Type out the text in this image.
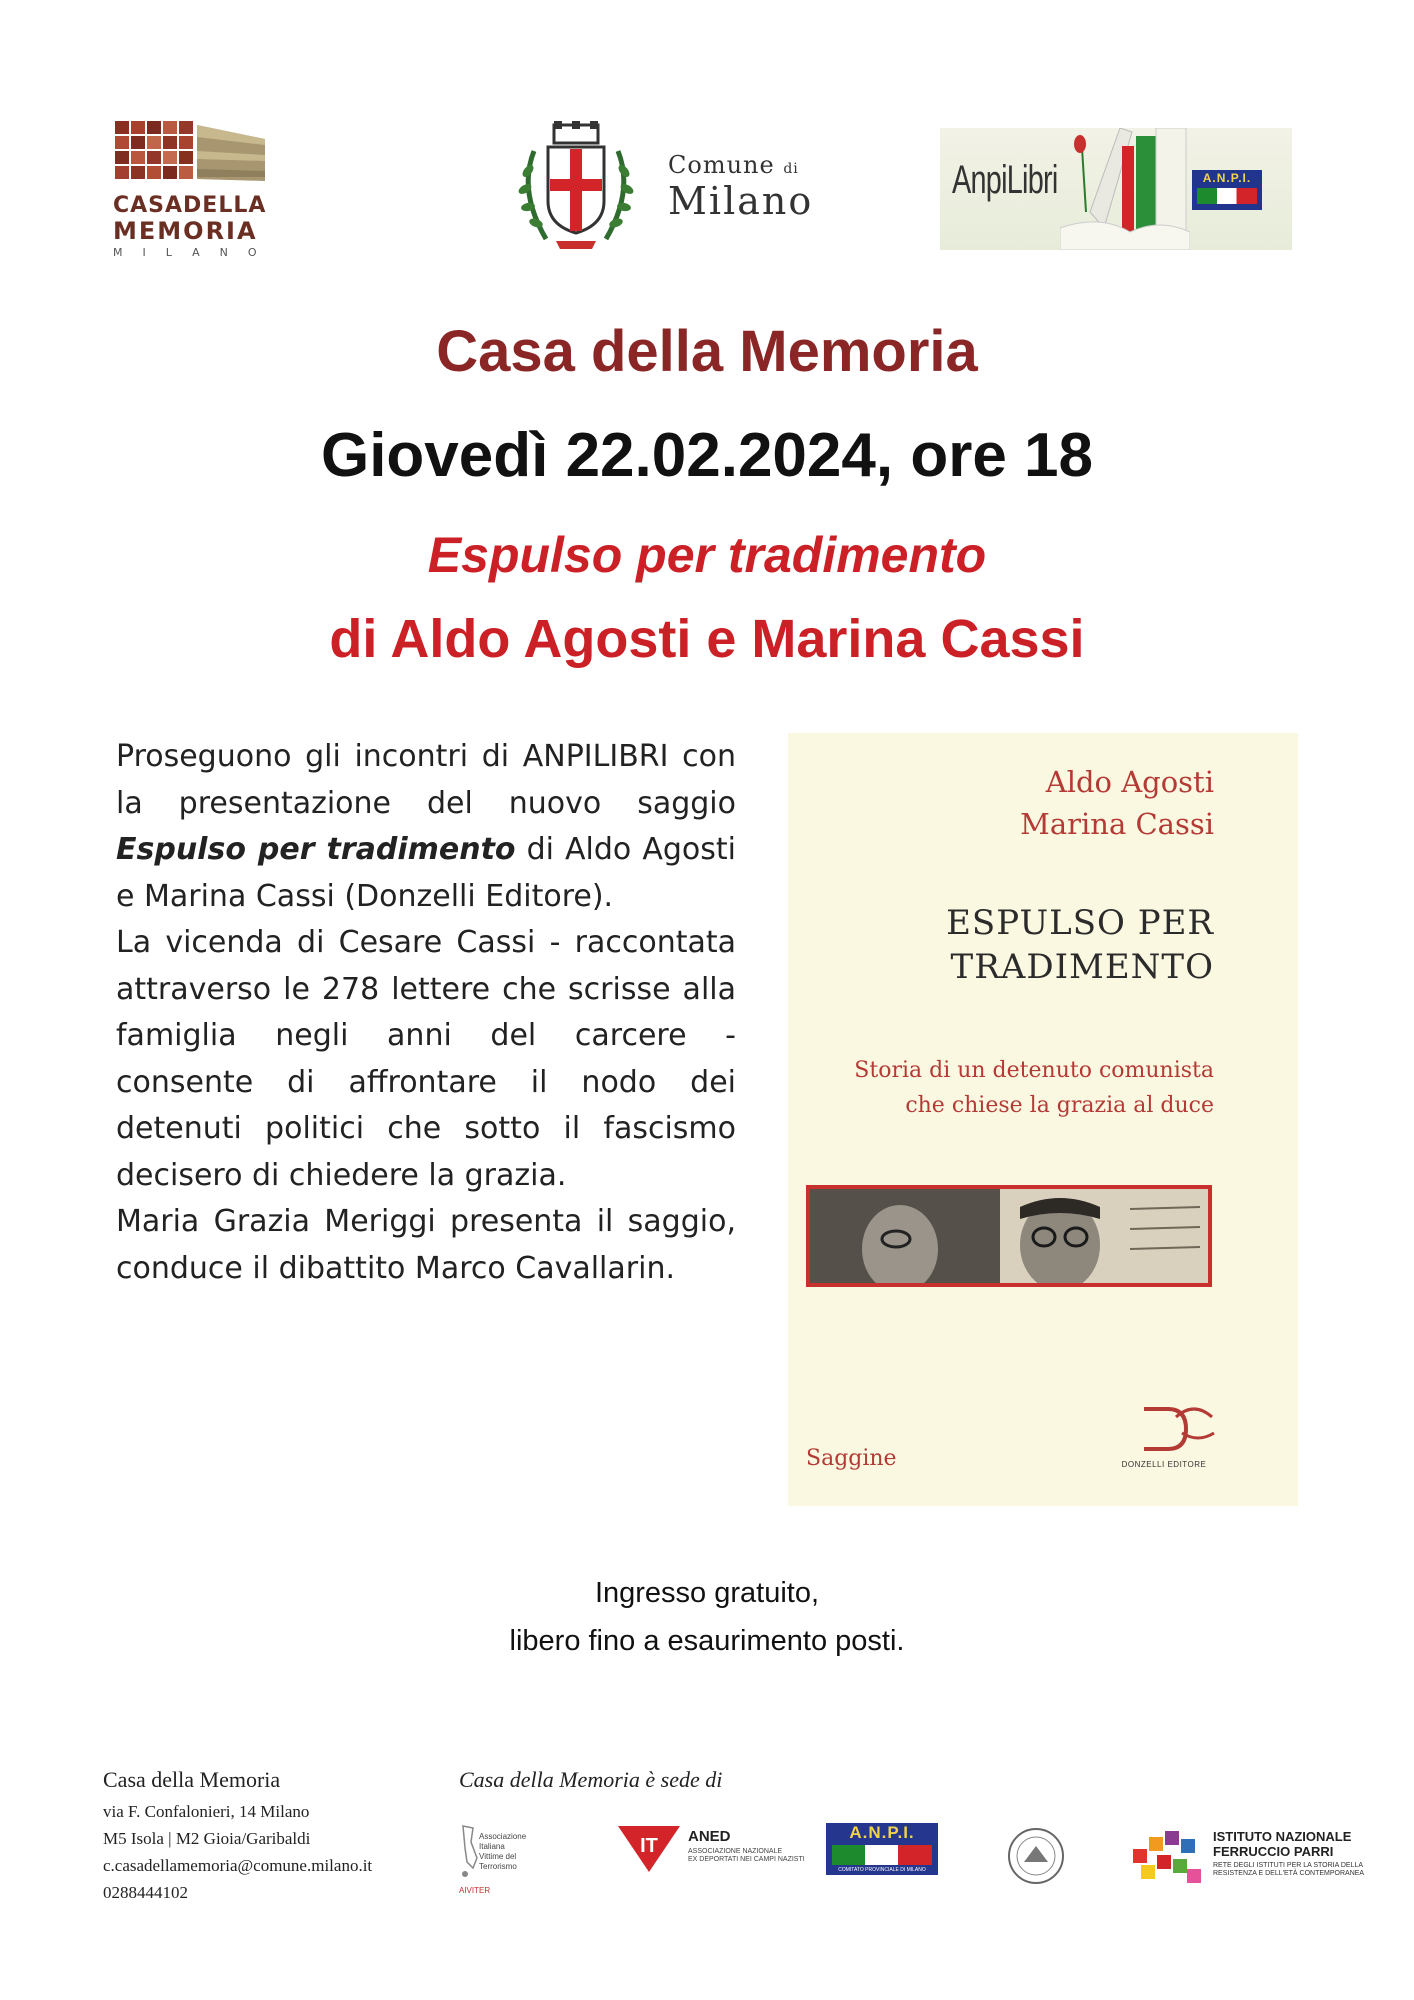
CASADELLA
MEMORIA
MILANO
Comune di
Milano	AnpiLibri	A.N.P.I.
Casa della Memoria
Giovedì 22.02.2024, ore 18
Espulso per tradimento
di Aldo Agosti e Marina Cassi

Proseguono gli incontri di ANPILIBRI con la presentazione del nuovo saggio Espulso per tradimento di Aldo Agosti e Marina Cassi (Donzelli Editore).

La vicenda di Cesare Cassi - raccontata attraverso le 278 lettere che scrisse alla famiglia negli anni del carcere - consente di affrontare il nodo dei detenuti politici che sotto il fascismo decisero di chiedere la grazia.

Maria Grazia Meriggi presenta il saggio, conduce il dibattito Marco Cavallarin.

Aldo Agosti
Marina Cassi
ESPULSO PER
TRADIMENTO
Storia di un detenuto comunista
che chiese la grazia al duce
DONZELLI EDITORE
Saggine
Ingresso gratuito,
libero fino a esaurimento posti.
Casa della Memoria
via F. Confalonieri, 14 Milano
M5 Isola | M2 Gioia/Garibaldi
c.casadellamemoria@comune.milano.it
0288444102
Casa della Memoria è sede di
Associazione
Italiana
Vittime del
Terrorismo
AIVITER
IT ANED
ASSOCIAZIONE NAZIONALE
EX DEPORTATI NEI CAMPI NAZISTI
A.N.P.I.
COMITATO PROVINCIALE DI MILANO
ISTITUTO NAZIONALE
FERRUCCIO PARRI
RETE DEGLI ISTITUTI PER LA STORIA DELLA RESISTENZA E DELL'ETÀ CONTEMPORANEA
